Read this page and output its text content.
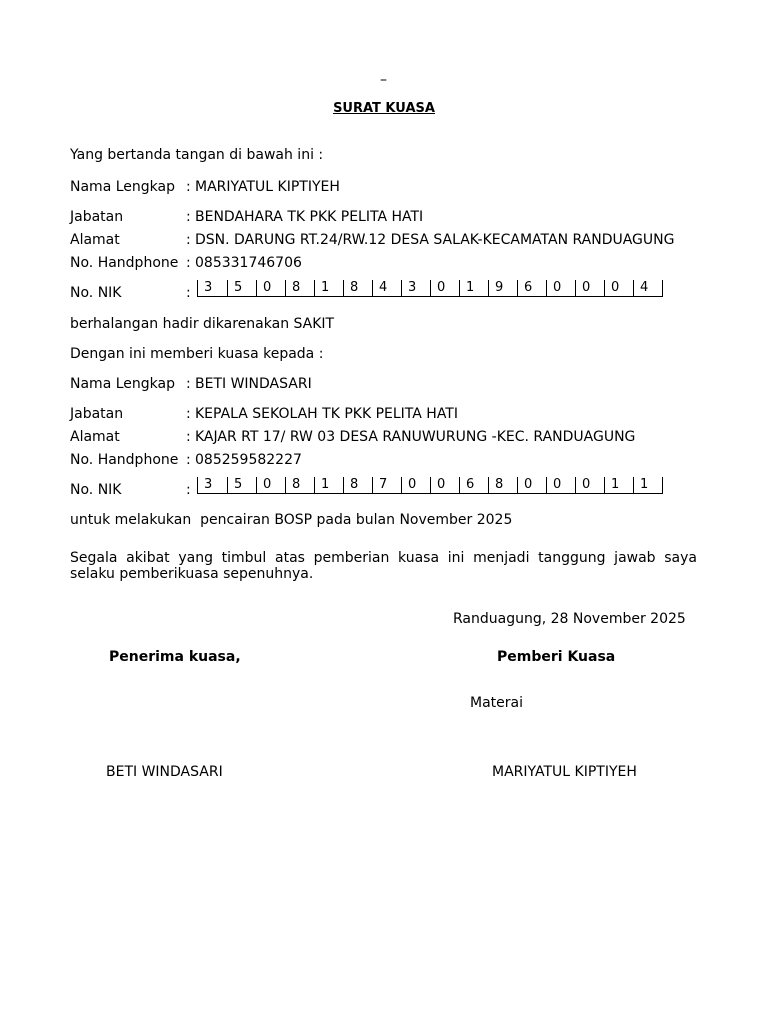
–
SURAT KUASA
Yang bertanda tangan di bawah ini :
Nama Lengkap : MARIYATUL KIPTIYEH
Jabatan	: BENDAHARA TK PKK PELITA HATI
Alamat	: DSN. DARUNG RT.24/RW.12 DESA SALAK-KECAMATAN RANDUAGUNG
No. Handphone : 085331746706
No. NIK	:	3	5	0	8	1	8	4	3	0	1	9	6	0	0	0	4
berhalangan hadir dikarenakan SAKIT
Dengan ini memberi kuasa kepada :
Nama Lengkap : BETI WINDASARI
Jabatan	: KEPALA SEKOLAH TK PKK PELITA HATI
Alamat	: KAJAR RT 17/ RW 03 DESA RANUWURUNG -KEC. RANDUAGUNG
No. Handphone : 085259582227
No. NIK	:	3	5	0	8	1	8	7	0	0	6	8	0	0	0	1	1
untuk melakukan  pencairan BOSP pada bulan November 2025
Segala akibat yang timbul atas pemberian kuasa ini menjadi tanggung jawab saya selaku pemberikuasa sepenuhnya.
Randuagung, 28 November 2025
Penerima kuasa,	Pemberi Kuasa
Materai
BETI WINDASARI	MARIYATUL KIPTIYEH
